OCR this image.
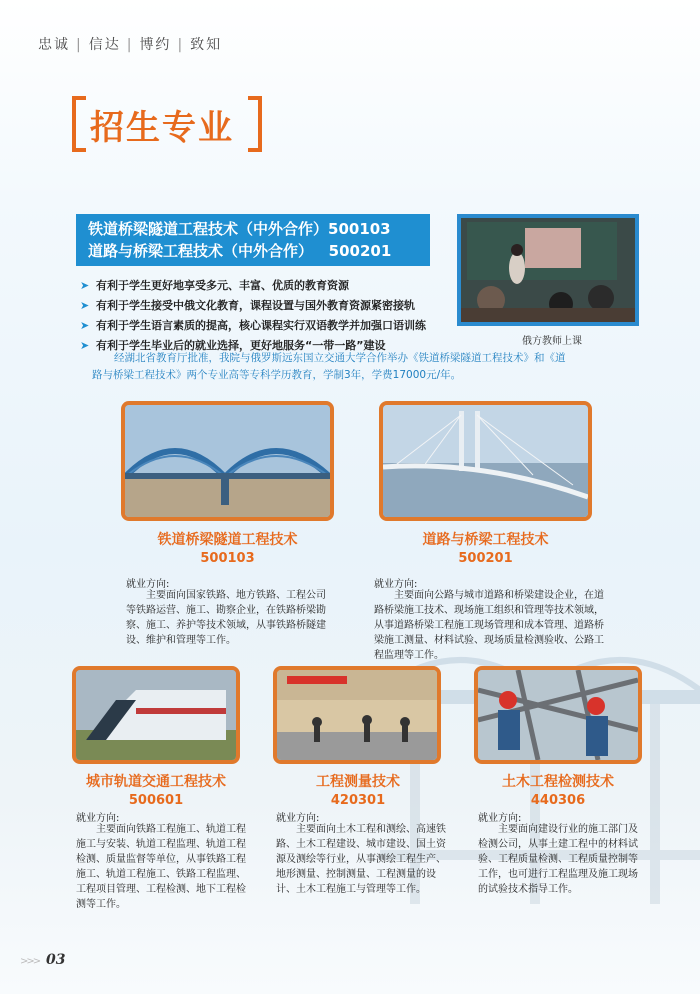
忠诚 | 信达 | 博约 | 致知
招生专业
铁道桥梁隧道工程技术（中外合作）500103
道路与桥梁工程技术（中外合作）   500201
俄方教师上课
➤ 有利于学生更好地享受多元、丰富、优质的教育资源
➤ 有利于学生接受中俄文化教育，课程设置与国外教育资源紧密接轨
➤ 有利于学生语言素质的提高，核心课程实行双语教学并加强口语训练
➤ 有利于学生毕业后的就业选择，更好地服务“一带一路”建设
经湖北省教育厅批准，我院与俄罗斯远东国立交通大学合作举办《铁道桥梁隧道工程技术》和《道路与桥梁工程技术》两个专业高等专科学历教育，学制3年，学费17000元/年。
铁道桥梁隧道工程技术
500103
就业方向:
主要面向国家铁路、地方铁路、工程公司等铁路运营、施工、勘察企业，在铁路桥梁勘察、施工、养护等技术领域，从事铁路桥隧建设、维护和管理等工作。
道路与桥梁工程技术
500201
就业方向:
主要面向公路与城市道路和桥梁建设企业，在道路桥梁施工技术、现场施工组织和管理等技术领域，从事道路桥梁工程施工现场管理和成本管理、道路桥梁施工测量、材料试验、现场质量检测验收、公路工程监理等工作。
城市轨道交通工程技术
500601
就业方向:
主要面向铁路工程施工、轨道工程施工与安装、轨道工程监理、轨道工程检测、质量监督等单位，从事铁路工程施工、轨道工程施工、铁路工程监理、工程项目管理、工程检测、地下工程检测等工作。
工程测量技术
420301
就业方向:
主要面向土木工程和测绘、高速铁路、土木工程建设、城市建设、国土资源及测绘等行业，从事测绘工程生产、地形测量、控制测量、工程测量的设计、土木工程施工与管理等工作。
土木工程检测技术
440306
就业方向:
主要面向建设行业的施工部门及检测公司，从事土建工程中的材料试验、工程质量检测、工程质量控制等工作，也可进行工程监理及施工现场的试验技术指导工作。
>>> 03
